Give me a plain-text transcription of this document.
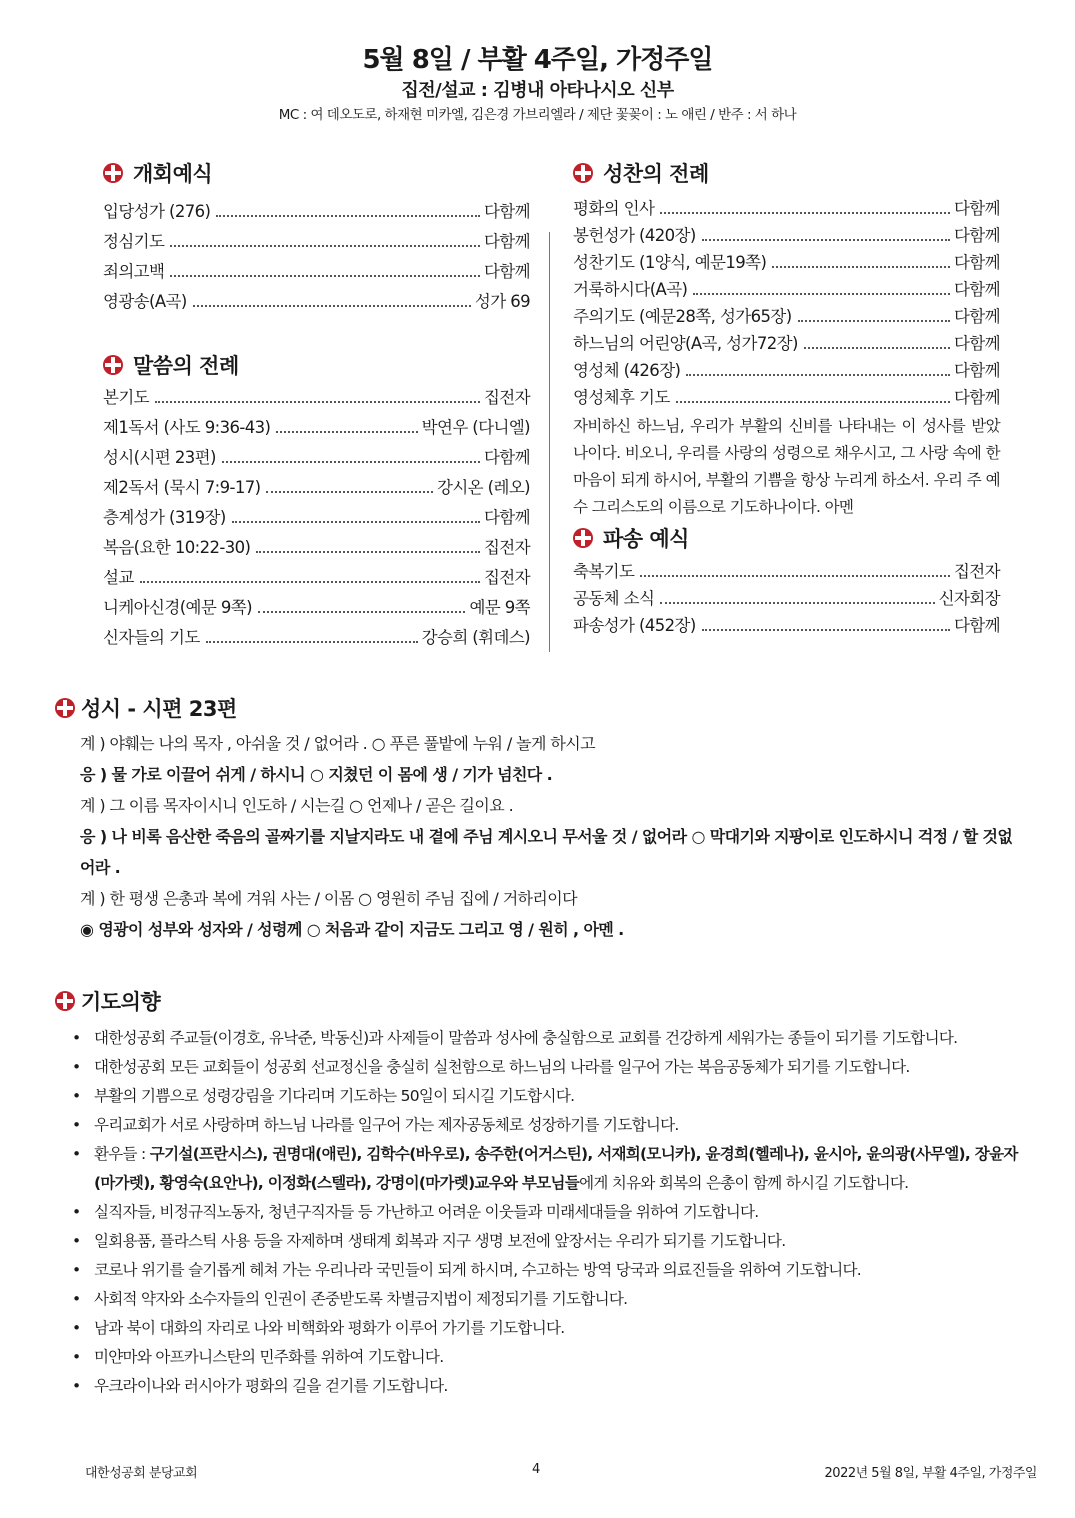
5월 8일 / 부활 4주일, 가정주일
집전/설교 : 김병내 아타나시오 신부
MC : 여 데오도로, 하재현 미카엘, 김은경 가브리엘라 / 제단 꽃꽂이 : 노 애린 / 반주 : 서 하나
개회예식
입당성가 (276)	다함께
정심기도	다함께
죄의고백	다함께
영광송(A곡)	성가 69
말씀의 전례
본기도	집전자
제1독서 (사도 9:36-43)	박연우 (다니엘)
성시(시편 23편)	다함께
제2독서 (묵시 7:9-17)	강시온 (레오)
층계성가 (319장)	다함께
복음(요한 10:22-30)	집전자
설교	집전자
니케아신경(예문 9쪽)	예문 9쪽
신자들의 기도	강승희 (휘데스)
성찬의 전례
평화의 인사	다함께
봉헌성가 (420장)	다함께
성찬기도 (1양식, 예문19쪽)	다함께
거룩하시다(A곡)	다함께
주의기도 (예문28쪽, 성가65장)	다함께
하느님의 어린양(A곡, 성가72장)	다함께
영성체 (426장)	다함께
영성체후 기도	다함께
자비하신 하느님, 우리가 부활의 신비를 나타내는 이 성사를 받았나이다. 비오니, 우리를 사랑의 성령으로 채우시고, 그 사랑 속에 한마음이 되게 하시어, 부활의 기쁨을 항상 누리게 하소서. 우리 주 예수 그리스도의 이름으로 기도하나이다. 아멘
파송 예식
축복기도	집전자
공동체 소식	신자회장
파송성가 (452장)	다함께
성시 - 시편 23편
계 ) 야훼는 나의 목자 , 아쉬울 것 / 없어라 . ○ 푸른 풀밭에 누워 / 놀게 하시고
응 ) 물 가로 이끌어 쉬게 / 하시니 ○ 지쳤던 이 몸에 생 / 기가 넘친다 .
계 ) 그 이름 목자이시니 인도하 / 시는길 ○ 언제나 / 곧은 길이요 .
응 ) 나 비록 음산한 죽음의 골짜기를 지날지라도 내 곁에 주님 계시오니 무서울 것 / 없어라 ○ 막대기와 지팡이로 인도하시니 걱정 / 할 것없어라 .
계 ) 한 평생 은총과 복에 겨워 사는 / 이몸 ○ 영원히 주님 집에 / 거하리이다
◉ 영광이 성부와 성자와 / 성령께 ○ 처음과 같이 지금도 그리고 영 / 원히 , 아멘 .
기도의향
• 대한성공회 주교들(이경호, 유낙준, 박동신)과 사제들이 말씀과 성사에 충실함으로 교회를 건강하게 세워가는 종들이 되기를 기도합니다.
• 대한성공회 모든 교회들이 성공회 선교정신을 충실히 실천함으로 하느님의 나라를 일구어 가는 복음공동체가 되기를 기도합니다.
• 부활의 기쁨으로 성령강림을 기다리며 기도하는 50일이 되시길 기도합시다.
• 우리교회가 서로 사랑하며 하느님 나라를 일구어 가는 제자공동체로 성장하기를 기도합니다.
• 환우들 : 구기설(프란시스), 권명대(애린), 김학수(바우로), 송주한(어거스틴), 서재희(모니카), 윤경희(헬레나), 윤시아, 윤의광(사무엘), 장윤자(마가렛), 황영숙(요안나), 이정화(스텔라), 강명이(마가렛)교우와 부모님들에게 치유와 회복의 은총이 함께 하시길 기도합니다.
• 실직자들, 비정규직노동자, 청년구직자들 등 가난하고 어려운 이웃들과 미래세대들을 위하여 기도합니다.
• 일회용품, 플라스틱 사용 등을 자제하며 생태계 회복과 지구 생명 보전에 앞장서는 우리가 되기를 기도합니다.
• 코로나 위기를 슬기롭게 헤쳐 가는 우리나라 국민들이 되게 하시며, 수고하는 방역 당국과 의료진들을 위하여 기도합니다.
• 사회적 약자와 소수자들의 인권이 존중받도록 차별금지법이 제정되기를 기도합니다.
• 남과 북이 대화의 자리로 나와 비핵화와 평화가 이루어 가기를 기도합니다.
• 미얀마와 아프카니스탄의 민주화를 위하여 기도합니다.
• 우크라이나와 러시아가 평화의 길을 걷기를 기도합니다.
대한성공회 분당교회	4	2022년 5월 8일, 부활 4주일, 가정주일
